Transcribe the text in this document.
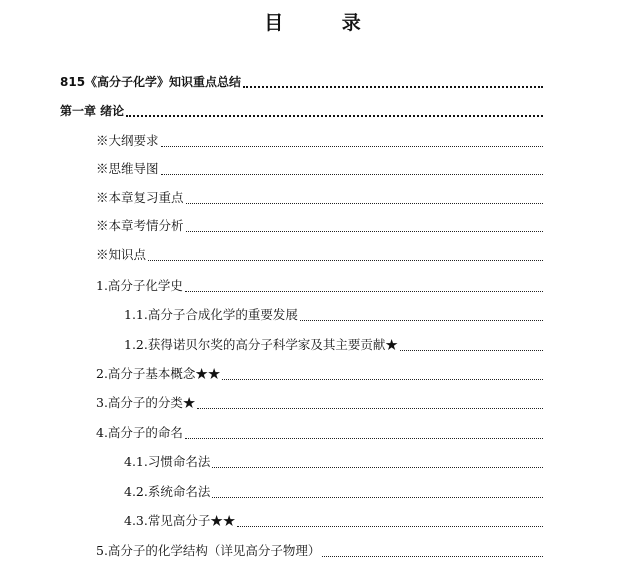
目 录
815《高分子化学》知识重点总结
第一章 绪论
※大纲要求
※思维导图
※本章复习重点
※本章考情分析
※知识点
1.高分子化学史
1.1.高分子合成化学的重要发展
1.2.获得诺贝尔奖的高分子科学家及其主要贡献★
2.高分子基本概念★★
3.高分子的分类★
4.高分子的命名
4.1.习惯命名法
4.2.系统命名法
4.3.常见高分子★★
5.高分子的化学结构（详见高分子物理）
